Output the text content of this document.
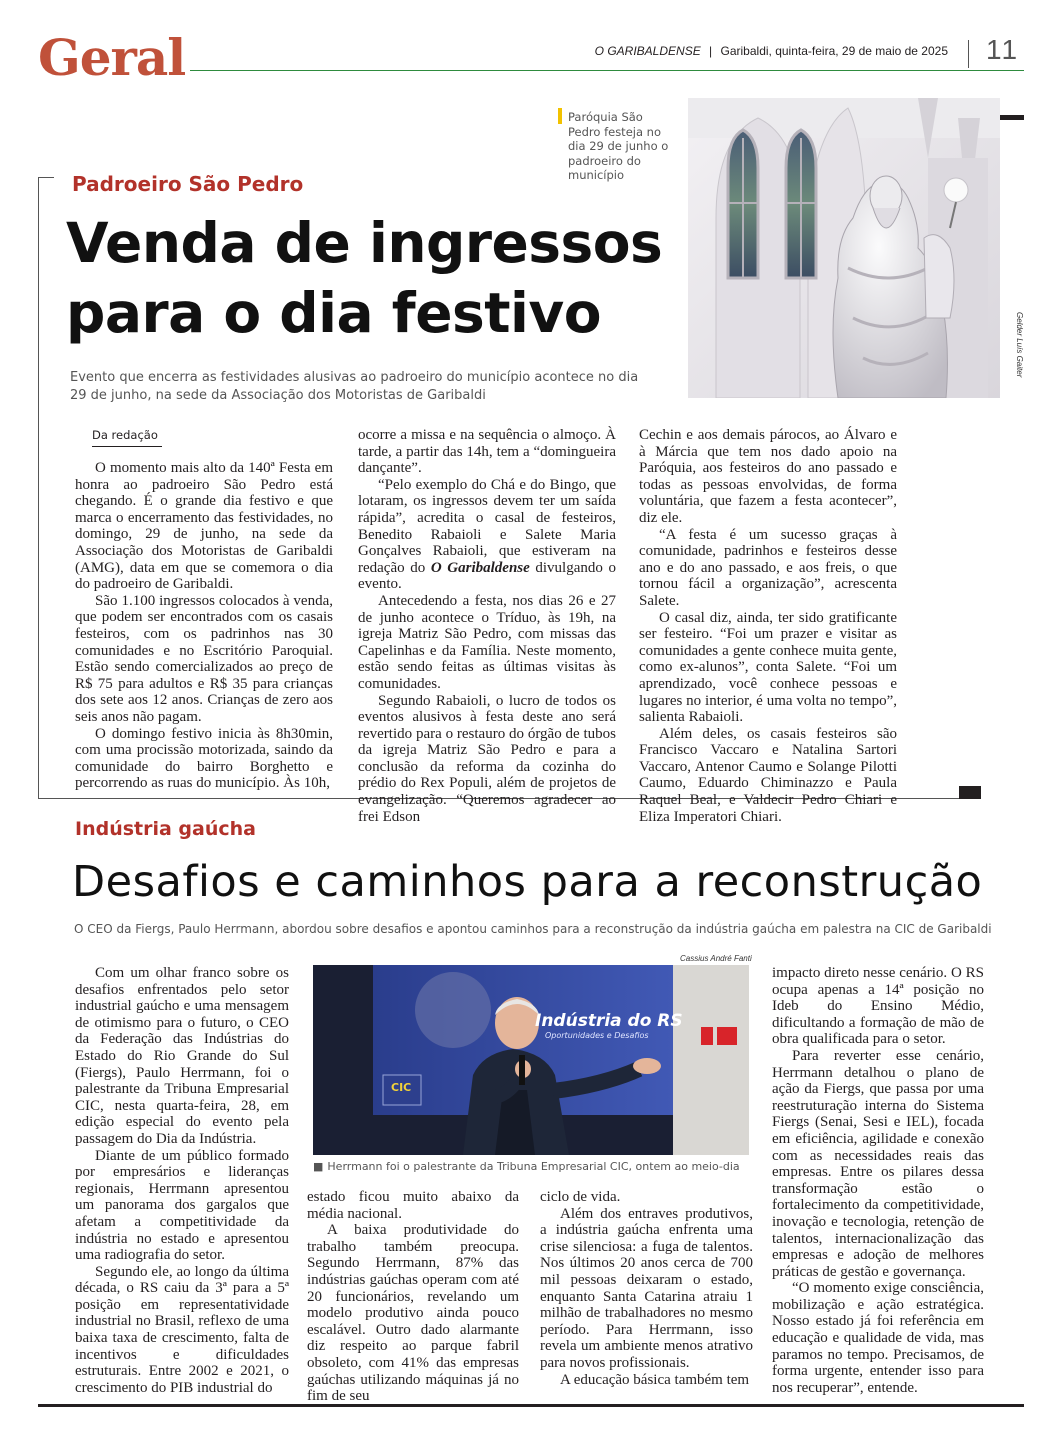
Geral	O GARIBALDENSE | Garibaldi, quinta-feira, 29 de maio de 2025 11
Padroeiro São Pedro
Venda de ingressos
para o dia festivo
Evento que encerra as festividades alusivas ao padroeiro do município acontece no dia 29 de junho, na sede da Associação dos Motoristas de Garibaldi
Paróquia São Pedro festeja no dia 29 de junho o padroeiro do município
Gelder Luís Gaiter
Da redação

O momento mais alto da 140ª Festa em honra ao padroeiro São Pedro está chegando. É o grande dia festivo e que marca o encerramento das festividades, no domingo, 29 de junho, na sede da Associação dos Motoristas de Garibaldi (AMG), data em que se comemora o dia do padroeiro de Garibaldi.

São 1.100 ingressos colocados à venda, que podem ser encontrados com os casais festeiros, com os padrinhos nas 30 comunidades e no Escritório Paroquial. Estão sendo comercializados ao preço de R$ 75 para adultos e R$ 35 para crianças dos sete aos 12 anos. Crianças de zero aos seis anos não pagam.

O domingo festivo inicia às 8h30min, com uma procissão motorizada, saindo da comunidade do bairro Borghetto e percorrendo as ruas do município. Às 10h,

ocorre a missa e na sequência o almoço. À tarde, a partir das 14h, tem a “domingueira dançante”.

“Pelo exemplo do Chá e do Bingo, que lotaram, os ingressos devem ter um saída rápida”, acredita o casal de festeiros, Benedito Rabaioli e Salete Maria Gonçalves Rabaioli, que estiveram na redação do O Garibaldense divulgando o evento.

Antecedendo a festa, nos dias 26 e 27 de junho acontece o Tríduo, às 19h, na igreja Matriz São Pedro, com missas das Capelinhas e da Família. Neste momento, estão sendo feitas as últimas visitas às comunidades.

Segundo Rabaioli, o lucro de todos os eventos alusivos à festa deste ano será revertido para o restauro do órgão de tubos da igreja Matriz São Pedro e para a conclusão da reforma da cozinha do prédio do Rex Populi, além de projetos de evangelização. “Queremos agradecer ao frei Edson

Cechin e aos demais párocos, ao Álvaro e à Márcia que tem nos dado apoio na Paróquia, aos festeiros do ano passado e todas as pessoas envolvidas, de forma voluntária, que fazem a festa acontecer”, diz ele.

“A festa é um sucesso graças à comunidade, padrinhos e festeiros desse ano e do ano passado, e aos freis, o que tornou fácil a organização”, acrescenta Salete.

O casal diz, ainda, ter sido gratificante ser festeiro. “Foi um prazer e visitar as comunidades a gente conhece muita gente, como ex-alunos”, conta Salete. “Foi um aprendizado, você conhece pessoas e lugares no interior, é uma volta no tempo”, salienta Rabaioli.

Além deles, os casais festeiros são Francisco Vaccaro e Natalina Sartori Vaccaro, Antenor Caumo e Solange Pilotti Caumo, Eduardo Chiminazzo e Paula Raquel Beal, e Valdecir Pedro Chiari e Eliza Imperatori Chiari.

Indústria gaúcha
Desafios e caminhos para a reconstrução
O CEO da Fiergs, Paulo Herrmann, abordou sobre desafios e apontou caminhos para a reconstrução da indústria gaúcha em palestra na CIC de Garibaldi
Cassius André Fanti
Indústria do RS
Oportunidades e Desafios
CIC
■ Herrmann foi o palestrante da Tribuna Empresarial CIC, ontem ao meio-dia

Com um olhar franco sobre os desafios enfrentados pelo setor industrial gaúcho e uma mensagem de otimismo para o futuro, o CEO da Federação das Indústrias do Estado do Rio Grande do Sul (Fiergs), Paulo Herrmann, foi o palestrante da Tribuna Empresarial CIC, nesta quarta-feira, 28, em edição especial do evento pela passagem do Dia da Indústria.

Diante de um público formado por empresários e lideranças regionais, Herrmann apresentou um panorama dos gargalos que afetam a competitividade da indústria no estado e apresentou uma radiografia do setor.

Segundo ele, ao longo da última década, o RS caiu da 3ª para a 5ª posição em representatividade industrial no Brasil, reflexo de uma baixa taxa de crescimento, falta de incentivos e dificuldades estruturais. Entre 2002 e 2021, o crescimento do PIB industrial do

estado ficou muito abaixo da média nacional.

A baixa produtividade do trabalho também preocupa. Segundo Herrmann, 87% das indústrias gaúchas operam com até 20 funcionários, revelando um modelo produtivo ainda pouco escalável. Outro dado alarmante diz respeito ao parque fabril obsoleto, com 41% das empresas gaúchas utilizando máquinas já no fim de seu

ciclo de vida.

Além dos entraves produtivos, a indústria gaúcha enfrenta uma crise silenciosa: a fuga de talentos. Nos últimos 20 anos cerca de 700 mil pessoas deixaram o estado, enquanto Santa Catarina atraiu 1 milhão de trabalhadores no mesmo período. Para Herrmann, isso revela um ambiente menos atrativo para novos profissionais.

A educação básica também tem

impacto direto nesse cenário. O RS ocupa apenas a 14ª posição no Ideb do Ensino Médio, dificultando a formação de mão de obra qualificada para o setor.

Para reverter esse cenário, Herrmann detalhou o plano de ação da Fiergs, que passa por uma reestruturação interna do Sistema Fiergs (Senai, Sesi e IEL), focada em eficiência, agilidade e conexão com as necessidades reais das empresas. Entre os pilares dessa transformação estão o fortalecimento da competitividade, inovação e tecnologia, retenção de talentos, internacionalização das empresas e adoção de melhores práticas de gestão e governança.

“O momento exige consciência, mobilização e ação estratégica. Nosso estado já foi referência em educação e qualidade de vida, mas paramos no tempo. Precisamos, de forma urgente, entender isso para nos recuperar”, entende.
